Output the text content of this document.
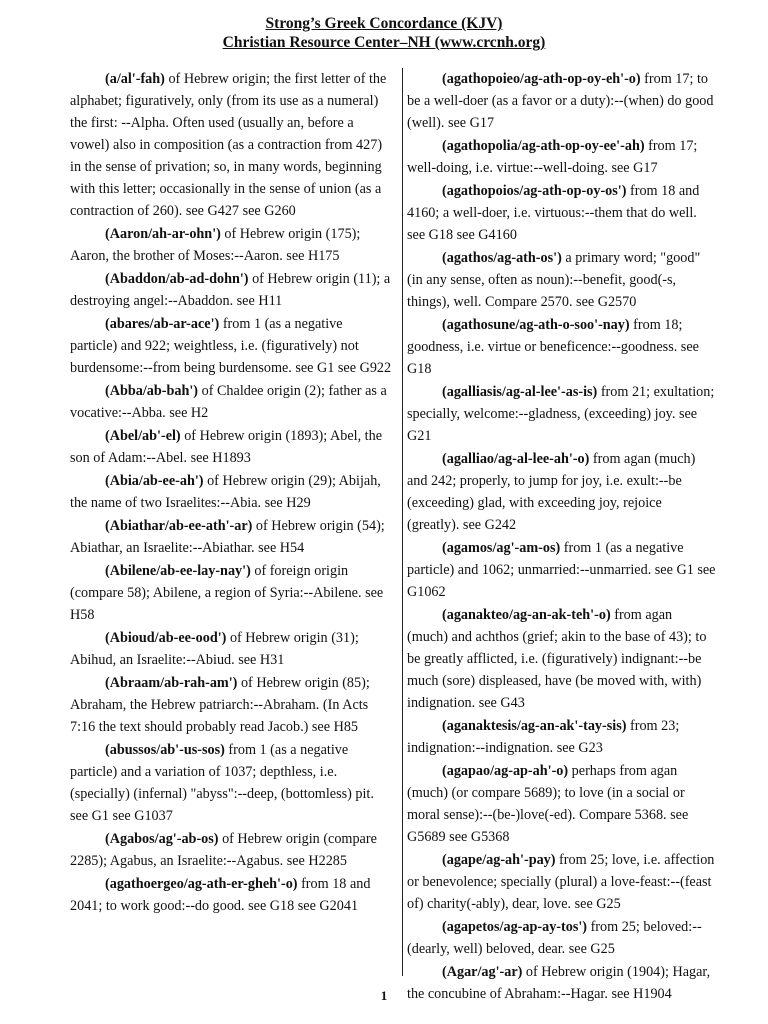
Strong’s Greek Concordance (KJV)
Christian Resource Center–NH (www.crcnh.org)
(a/al'-fah) of Hebrew origin; the first letter of the alphabet; figuratively, only (from its use as a numeral) the first: --Alpha. Often used (usually an, before a vowel) also in composition (as a contraction from 427) in the sense of privation; so, in many words, beginning with this letter; occasionally in the sense of union (as a contraction of 260). see G427 see G260
(Aaron/ah-ar-ohn') of Hebrew origin (175); Aaron, the brother of Moses:--Aaron. see H175
(Abaddon/ab-ad-dohn') of Hebrew origin (11); a destroying angel:--Abaddon. see H11
(abares/ab-ar-ace') from 1 (as a negative particle) and 922; weightless, i.e. (figuratively) not burdensome:--from being burdensome. see G1 see G922
(Abba/ab-bah') of Chaldee origin (2); father as a vocative:--Abba. see H2
(Abel/ab'-el) of Hebrew origin (1893); Abel, the son of Adam:--Abel. see H1893
(Abia/ab-ee-ah') of Hebrew origin (29); Abijah, the name of two Israelites:--Abia. see H29
(Abiathar/ab-ee-ath'-ar) of Hebrew origin (54); Abiathar, an Israelite:--Abiathar. see H54
(Abilene/ab-ee-lay-nay') of foreign origin (compare 58); Abilene, a region of Syria:--Abilene. see H58
(Abioud/ab-ee-ood') of Hebrew origin (31); Abihud, an Israelite:--Abiud. see H31
(Abraam/ab-rah-am') of Hebrew origin (85); Abraham, the Hebrew patriarch:--Abraham. (In Acts 7:16 the text should probably read Jacob.) see H85
(abussos/ab'-us-sos) from 1 (as a negative particle) and a variation of 1037; depthless, i.e. (specially) (infernal) "abyss":--deep, (bottomless) pit. see G1 see G1037
(Agabos/ag'-ab-os) of Hebrew origin (compare 2285); Agabus, an Israelite:--Agabus. see H2285
(agathoergeo/ag-ath-er-gheh'-o) from 18 and 2041; to work good:--do good. see G18 see G2041
(agathopoieo/ag-ath-op-oy-eh'-o) from 17; to be a well-doer (as a favor or a duty):--(when) do good (well). see G17
(agathopolia/ag-ath-op-oy-ee'-ah) from 17; well-doing, i.e. virtue:--well-doing. see G17
(agathopoios/ag-ath-op-oy-os') from 18 and 4160; a well-doer, i.e. virtuous:--them that do well. see G18 see G4160
(agathos/ag-ath-os') a primary word; "good" (in any sense, often as noun):--benefit, good(-s, things), well. Compare 2570. see G2570
(agathosune/ag-ath-o-soo'-nay) from 18; goodness, i.e. virtue or beneficence:--goodness. see G18
(agalliasis/ag-al-lee'-as-is) from 21; exultation; specially, welcome:--gladness, (exceeding) joy. see G21
(agalliao/ag-al-lee-ah'-o) from agan (much) and 242; properly, to jump for joy, i.e. exult:--be (exceeding) glad, with exceeding joy, rejoice (greatly). see G242
(agamos/ag'-am-os) from 1 (as a negative particle) and 1062; unmarried:--unmarried. see G1 see G1062
(aganakteo/ag-an-ak-teh'-o) from agan (much) and achthos (grief; akin to the base of 43); to be greatly afflicted, i.e. (figuratively) indignant:--be much (sore) displeased, have (be moved with, with) indignation. see G43
(aganaktesis/ag-an-ak'-tay-sis) from 23; indignation:--indignation. see G23
(agapao/ag-ap-ah'-o) perhaps from agan (much) (or compare 5689); to love (in a social or moral sense):--(be-)love(-ed). Compare 5368. see G5689 see G5368
(agape/ag-ah'-pay) from 25; love, i.e. affection or benevolence; specially (plural) a love-feast:--(feast of) charity(-ably), dear, love. see G25
(agapetos/ag-ap-ay-tos') from 25; beloved:--(dearly, well) beloved, dear. see G25
(Agar/ag'-ar) of Hebrew origin (1904); Hagar, the concubine of Abraham:--Hagar. see H1904
1
